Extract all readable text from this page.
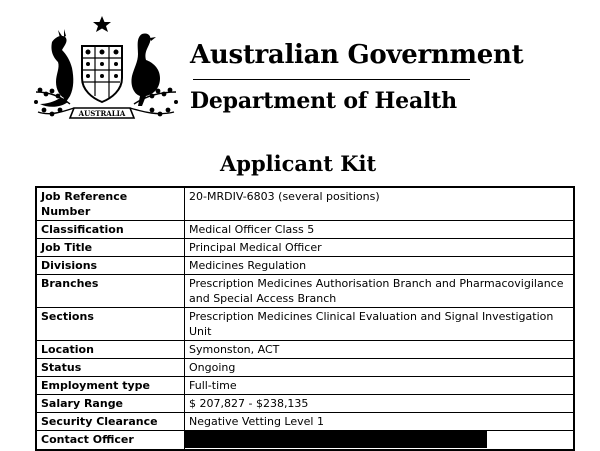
AUSTRALIA
Australian Government
Department of Health
Applicant Kit
Job Reference Number	20-MRDIV-6803 (several positions)
Classification	Medical Officer Class 5
Job Title	Principal Medical Officer
Divisions	Medicines Regulation
Branches	Prescription Medicines Authorisation Branch and Pharmacovigilance and Special Access Branch
Sections	Prescription Medicines Clinical Evaluation and Signal Investigation Unit
Location	Symonston, ACT
Status	Ongoing
Employment type	Full-time
Salary Range	$ 207,827 - $238,135
Security Clearance	Negative Vetting Level 1
Contact Officer	
